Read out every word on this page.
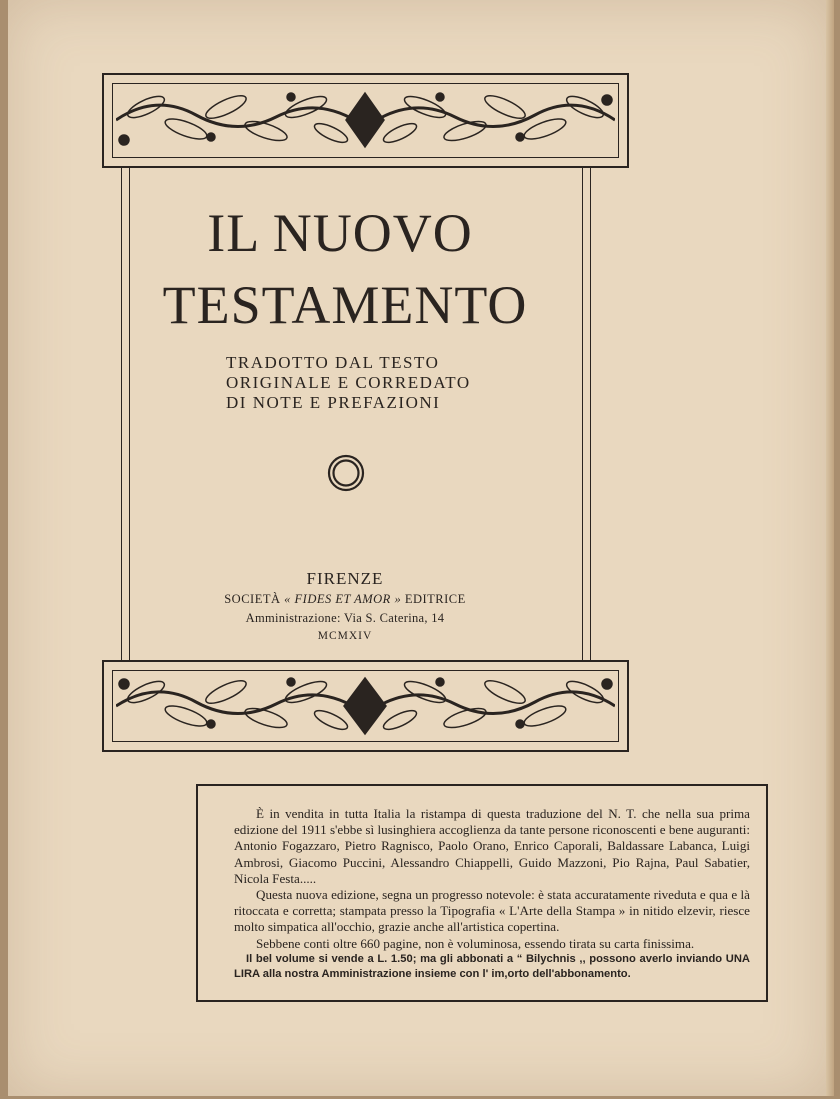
IL NUOVO
TESTAMENTO
TRADOTTO DAL TESTO
ORIGINALE E CORREDATO
DI NOTE E PREFAZIONI
FIRENZE
SOCIETÀ « FIDES ET AMOR » EDITRICE
Amministrazione: Via S. Caterina, 14
MCMXIV

È in vendita in tutta Italia la ristampa di questa traduzione del N. T. che nella sua prima edizione del 1911 s'ebbe sì lusinghiera accoglienza da tante persone riconoscenti e bene auguranti: Antonio Fogazzaro, Pietro Ragnisco, Paolo Orano, Enrico Caporali, Baldassare Labanca, Luigi Ambrosi, Giacomo Puccini, Alessandro Chiappelli, Guido Mazzoni, Pio Rajna, Paul Sabatier, Nicola Festa.....

Questa nuova edizione, segna un progresso notevole: è stata accuratamente riveduta e qua e là ritoccata e corretta; stampata presso la Tipografia « L'Arte della Stampa » in nitido elzevir, riesce molto simpatica all'occhio, grazie anche all'artistica copertina.

Sebbene conti oltre 660 pagine, non è voluminosa, essendo tirata su carta finissima.

Il bel volume si vende a L. 1.50; ma gli abbonati a “ Bilychnis ,, possono averlo inviando UNA LIRA alla nostra Amministrazione insieme con l' im,orto dell'abbonamento.
